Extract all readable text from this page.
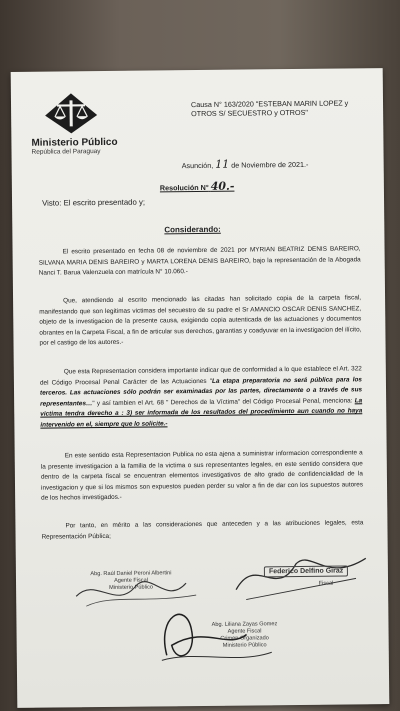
Ministerio Público
República del Paraguay
Causa N° 163/2020 "ESTEBAN MARIN LOPEZ y OTROS S/ SECUESTRO y OTROS"
Asunción, 11 de Noviembre de 2021.-
Resolución N° 40.-
Visto: El escrito presentado y;
Considerando:
El escrito presentado en fecha 08 de noviembre de 2021 por MYRIAN BEATRIZ DENIS BAREIRO, SILVANA MARIA DENIS BAREIRO y MARTA LORENA DENIS BAREIRO, bajo la representación de la Abogada Nanci T. Barua Valenzuela con matrícula N° 10.060.-
Que, atendiendo al escrito mencionado las citadas han solicitado copia de la carpeta fiscal, manifestando que son legitimas victimas del secuestro de su padre el Sr AMANCIO OSCAR DENIS SANCHEZ, objeto de la investigacion de la presente causa, exigiendo copia autenticada de las actuaciones y documentos obrantes en la Carpeta Fiscal, a fin de articular sus derechos, garantias y coadyuvar en la investigacion del ilícito, por el castigo de los autores.-
Que esta Representacion considera importante indicar que de conformidad a lo que establece el Art. 322 del Código Procesal Penal Carácter de las Actuaciones "La etapa preparatoria no será pública para los terceros. Las actuaciones sólo podrán ser examinadas por las partes, directamente o a través de sus representantes…" y así tambien el Art. 68 " Derechos de la Víctima" del Código Procesal Penal, menciona: La victima tendra derecho a : 3) ser informada de los resultados del procedimiento aun cuando no haya intervenido en el, siempre que lo solicite.-
En este sentido esta Representacion Publica no esta ajena a suministrar informacion correspondiente a la presente investigacion a la familia de la victima o sus representantes legales, en este sentido considera que dentro de la carpeta fiscal se encuentran elementos investigativos de alto grado de confidencialidad de la investigacion y que si los mismos son expuestos pueden perder su valor a fin de dar con los supuestos autores de los hechos investigados.-
Por tanto, en mérito a las consideraciones que anteceden y a las atribuciones legales, esta Representación Pública;
Abg. Raúl Daniel Peroni Albertini
Agente Fiscal
Ministerio Público
Federico Delfino Giraz
Fiscal
Abg. Liliana Zayas Gomez
Agente Fiscal
Crimen Organizado
Ministerio Público
